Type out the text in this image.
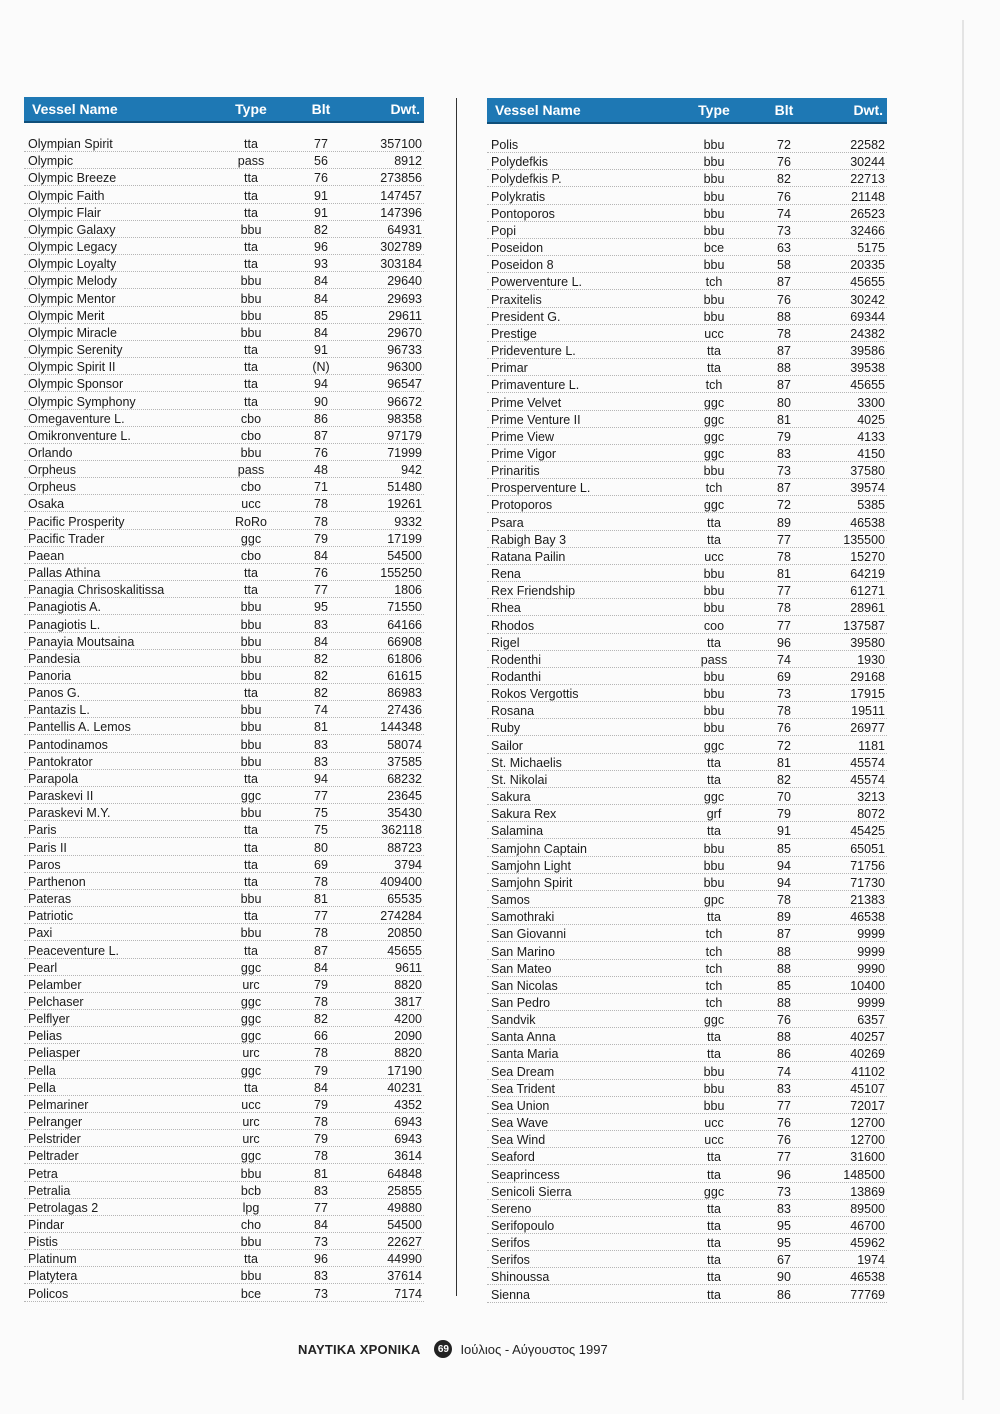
Vessel Name	Type	Blt	Dwt.
Olympian Spirit	tta	77	357100
Olympic	pass	56	8912
Olympic Breeze	tta	76	273856
Olympic Faith	tta	91	147457
Olympic Flair	tta	91	147396
Olympic Galaxy	bbu	82	64931
Olympic Legacy	tta	96	302789
Olympic Loyalty	tta	93	303184
Olympic Melody	bbu	84	29640
Olympic Mentor	bbu	84	29693
Olympic Merit	bbu	85	29611
Olympic Miracle	bbu	84	29670
Olympic Serenity	tta	91	96733
Olympic Spirit II	tta	(N)	96300
Olympic Sponsor	tta	94	96547
Olympic Symphony	tta	90	96672
Omegaventure L.	cbo	86	98358
Omikronventure L.	cbo	87	97179
Orlando	bbu	76	71999
Orpheus	pass	48	942
Orpheus	cbo	71	51480
Osaka	ucc	78	19261
Pacific Prosperity	RoRo	78	9332
Pacific Trader	ggc	79	17199
Paean	cbo	84	54500
Pallas Athina	tta	76	155250
Panagia Chrisoskalitissa	tta	77	1806
Panagiotis A.	bbu	95	71550
Panagiotis L.	bbu	83	64166
Panayia Moutsaina	bbu	84	66908
Pandesia	bbu	82	61806
Panoria	bbu	82	61615
Panos G.	tta	82	86983
Pantazis L.	bbu	74	27436
Pantellis A. Lemos	bbu	81	144348
Pantodinamos	bbu	83	58074
Pantokrator	bbu	83	37585
Parapola	tta	94	68232
Paraskevi II	ggc	77	23645
Paraskevi M.Y.	bbu	75	35430
Paris	tta	75	362118
Paris II	tta	80	88723
Paros	tta	69	3794
Parthenon	tta	78	409400
Pateras	bbu	81	65535
Patriotic	tta	77	274284
Paxi	bbu	78	20850
Peaceventure L.	tta	87	45655
Pearl	ggc	84	9611
Pelamber	urc	79	8820
Pelchaser	ggc	78	3817
Pelflyer	ggc	82	4200
Pelias	ggc	66	2090
Peliasper	urc	78	8820
Pella	ggc	79	17190
Pella	tta	84	40231
Pelmariner	ucc	79	4352
Pelranger	urc	78	6943
Pelstrider	urc	79	6943
Peltrader	ggc	78	3614
Petra	bbu	81	64848
Petralia	bcb	83	25855
Petrolagas 2	lpg	77	49880
Pindar	cho	84	54500
Pistis	bbu	73	22627
Platinum	tta	96	44990
Platytera	bbu	83	37614
Policos	bce	73	7174
Vessel Name	Type	Blt	Dwt.
Polis	bbu	72	22582
Polydefkis	bbu	76	30244
Polydefkis P.	bbu	82	22713
Polykratis	bbu	76	21148
Pontoporos	bbu	74	26523
Popi	bbu	73	32466
Poseidon	bce	63	5175
Poseidon 8	bbu	58	20335
Powerventure L.	tch	87	45655
Praxitelis	bbu	76	30242
President G.	bbu	88	69344
Prestige	ucc	78	24382
Prideventure L.	tta	87	39586
Primar	tta	88	39538
Primaventure L.	tch	87	45655
Prime Velvet	ggc	80	3300
Prime Venture II	ggc	81	4025
Prime View	ggc	79	4133
Prime Vigor	ggc	83	4150
Prinaritis	bbu	73	37580
Prosperventure L.	tch	87	39574
Protoporos	ggc	72	5385
Psara	tta	89	46538
Rabigh Bay 3	tta	77	135500
Ratana Pailin	ucc	78	15270
Rena	bbu	81	64219
Rex Friendship	bbu	77	61271
Rhea	bbu	78	28961
Rhodos	coo	77	137587
Rigel	tta	96	39580
Rodenthi	pass	74	1930
Rodanthi	bbu	69	29168
Rokos Vergottis	bbu	73	17915
Rosana	bbu	78	19511
Ruby	bbu	76	26977
Sailor	ggc	72	1181
St. Michaelis	tta	81	45574
St. Nikolai	tta	82	45574
Sakura	ggc	70	3213
Sakura Rex	grf	79	8072
Salamina	tta	91	45425
Samjohn Captain	bbu	85	65051
Samjohn Light	bbu	94	71756
Samjohn Spirit	bbu	94	71730
Samos	gpc	78	21383
Samothraki	tta	89	46538
San Giovanni	tch	87	9999
San Marino	tch	88	9999
San Mateo	tch	88	9990
San Nicolas	tch	85	10400
San Pedro	tch	88	9999
Sandvik	ggc	76	6357
Santa Anna	tta	88	40257
Santa Maria	tta	86	40269
Sea Dream	bbu	74	41102
Sea Trident	bbu	83	45107
Sea Union	bbu	77	72017
Sea Wave	ucc	76	12700
Sea Wind	ucc	76	12700
Seaford	tta	77	31600
Seaprincess	tta	96	148500
Senicoli Sierra	ggc	73	13869
Sereno	tta	83	89500
Serifopoulo	tta	95	46700
Serifos	tta	95	45962
Serifos	tta	67	1974
Shinoussa	tta	90	46538
Sienna	tta	86	77769
ΝΑΥΤΙΚΑ ΧΡΟΝΙΚΑ	69 Ιούλιος - Αύγουστος 1997
